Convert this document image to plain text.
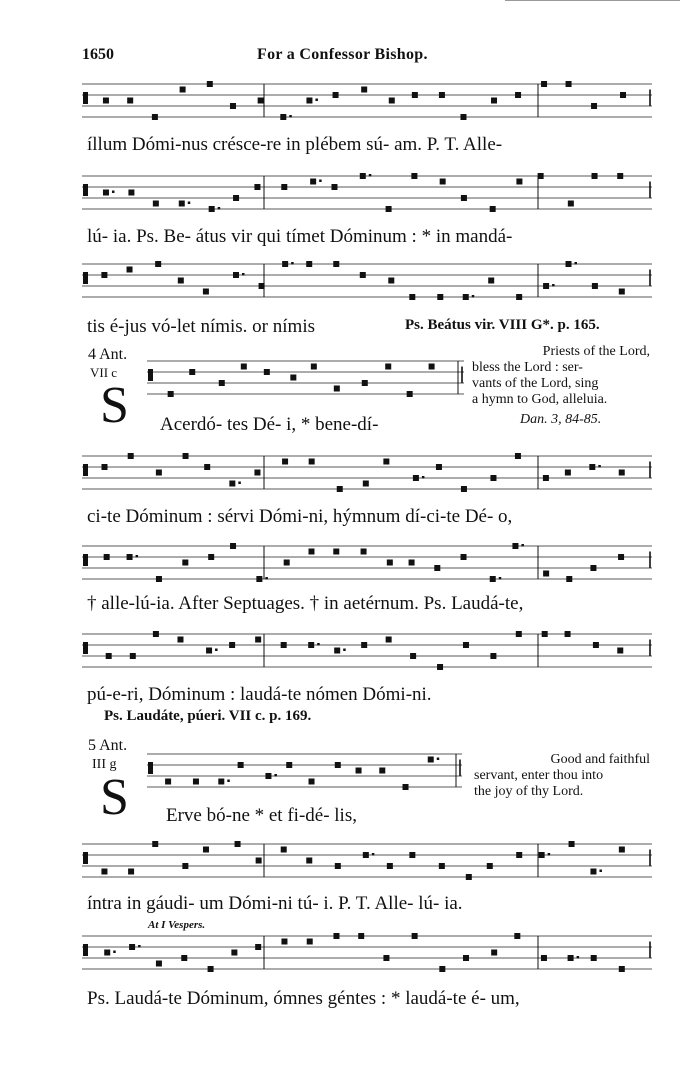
1650	For a Confessor Bishop.
íllum Dómi-nus crésce-re in plébem sú- am. P. T. Alle-
lú- ia. Ps. Be- átus vir qui tímet Dóminum : * in mandá-
tis é-jus vó-let nímis. or nímis	Ps. Beátus vir. VIII G*. p. 165.
4 Ant.
VII c
S Acerdó- tes Dé- i, * bene-dí-
Priests of the Lord,
bless the Lord : ser-
vants of the Lord, sing
a hymn to God, alleluia.
Dan. 3, 84-85.
ci-te Dóminum : sérvi Dómi-ni, hýmnum dí-ci-te Dé- o,
† alle-lú-ia. After Septuages. † in aetérnum. Ps. Laudá-te,
pú-e-ri, Dóminum : laudá-te nómen Dómi-ni.
Ps. Laudáte, púeri. VII c. p. 169.
5 Ant.
III g
S Erve bó-ne * et fi-dé- lis,
Good and faithful
servant, enter thou into
the joy of thy Lord.
íntra in gáudi- um Dómi-ni tú- i. P. T. Alle- lú- ia.
At I Vespers.
Ps. Laudá-te Dóminum, ómnes géntes : * laudá-te é- um,
